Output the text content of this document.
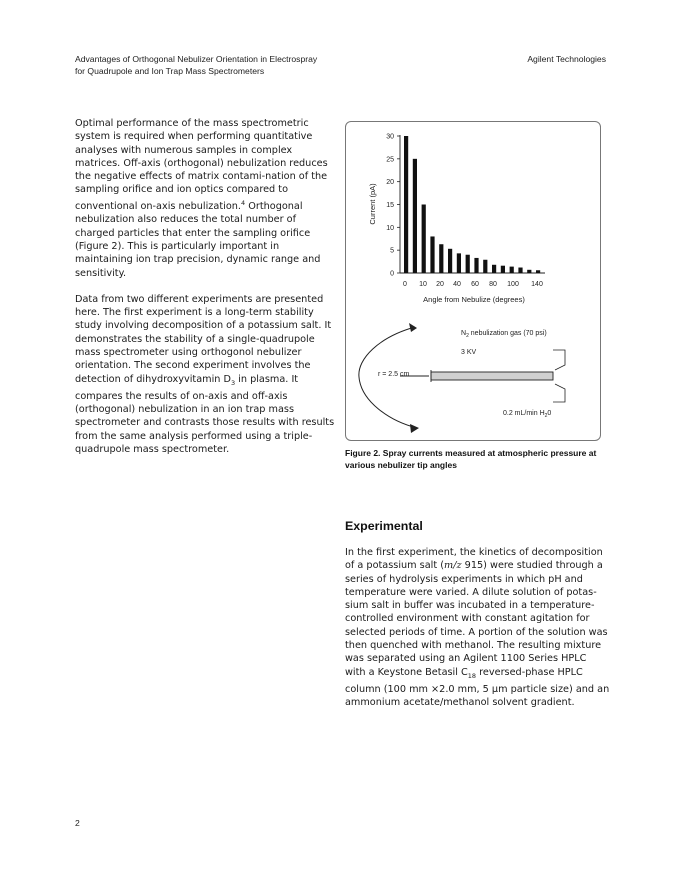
Advantages of Orthogonal Nebulizer Orientation in Electrospray
for Quadrupole and Ion Trap Mass Spectrometers
Agilent Technologies

Optimal performance of the mass spectrometric system is required when performing quantitative analyses with numerous samples in complex matrices. Off-axis (orthogonal) nebulization reduces the negative effects of matrix contami-nation of the sampling orifice and ion optics compared to conventional on-axis nebulization.$^4$ Orthogonal nebulization also reduces the total number of charged particles that enter the sampling orifice (Figure 2). This is particularly important in maintaining ion trap precision, dynamic range and sensitivity.

Data from two different experiments are presented here. The first experiment is a long-term stability study involving decomposition of a potassium salt. It demonstrates the stability of a single-quadrupole mass spectrometer using orthogonol nebulizer orientation. The second experiment involves the detection of dihydroxyvitamin $D_3$ in plasma. It compares the results of on-axis and off-axis (orthogonal) nebulization in an ion trap mass spectrometer and contrasts those results with results from the same analysis performed using a triple-quadrupole mass spectrometer.

0
5
10
15
20
25
30
0 10 20 40 60 80 100 140
Current (pA)
Angle from Nebulize (degrees)
r = 2.5 cm
$N_2$ nebulization gas (70 psi)
3 KV
0.2 mL/min $H_20$
Figure 2. Spray currents measured at atmospheric pressure at various nebulizer tip angles
Experimental
In the first experiment, the kinetics of decomposition of a potassium salt (m/z 915) were studied through a series of hydrolysis experiments in which pH and temperature were varied. A dilute solution of potas-sium salt in buffer was incubated in a temperature-controlled environment with constant agitation for selected periods of time. A portion of the solution was then quenched with methanol. The resulting mixture was separated using an Agilent 1100 Series HPLC with a Keystone Betasil $C_{18}$ reversed-phase HPLC column (100 mm ×2.0 mm, 5 µm particle size) and an ammonium acetate/methanol solvent gradient.
2
